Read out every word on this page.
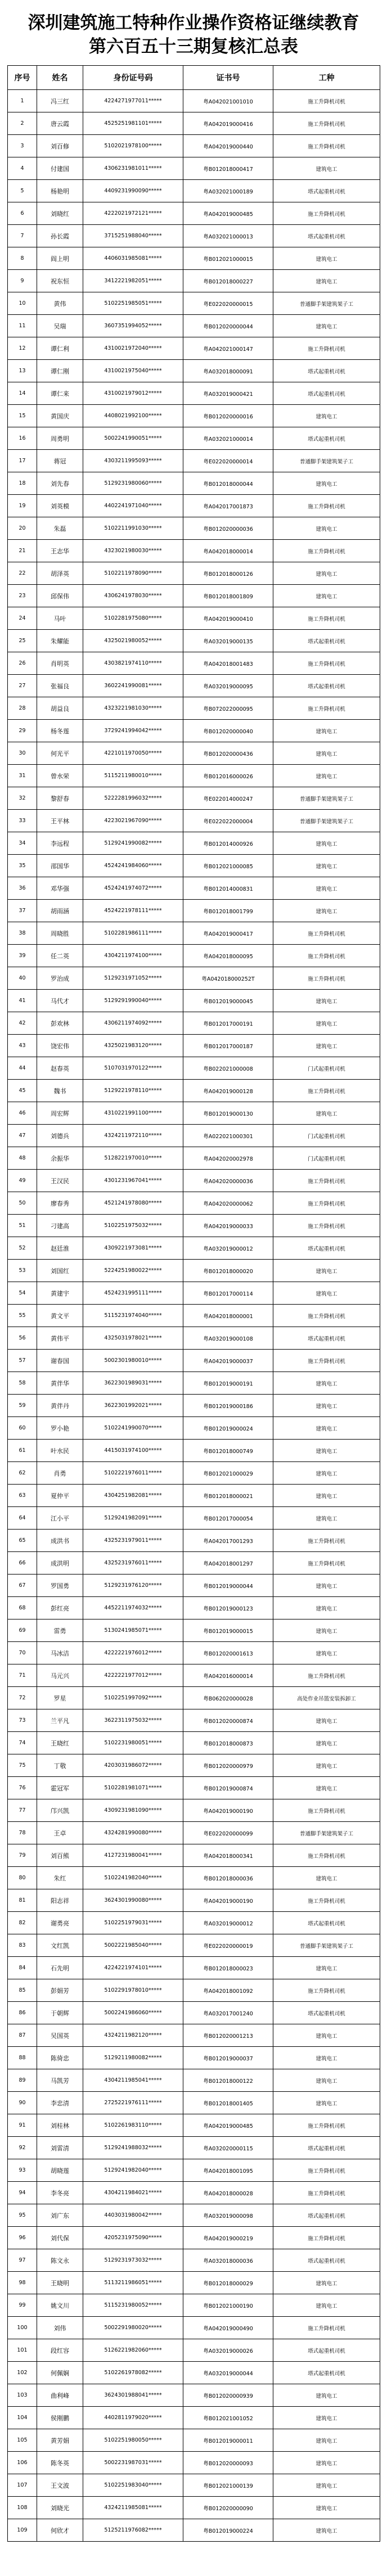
深圳建筑施工特种作业操作资格证继续教育
第六百五十三期复核汇总表
序号	姓名	身份证号码	证书号	工种
1	冯三红	4224271977011*****	粤A042021001010	施工升降机司机
2	唐云霞	4525251981101*****	粤A042019000416	施工升降机司机
3	刘百修	5102021978100*****	粤A042019000440	施工升降机司机
4	付建国	4306231981011*****	粤B012018000417	建筑电工
5	杨艳明	4409231990090*****	粤A032021000189	塔式起重机司机
6	刘晓红	4222021972121*****	粤A042019000485	施工升降机司机
7	孙长霞	3715251988040*****	粤A032021000013	塔式起重机司机
8	阎上明	4406031985081*****	粤B012021000015	建筑电工
9	祝东恒	3412221982051*****	粤B012018000227	建筑电工
10	黄伟	5102251985051*****	粤E022020000015	普通脚手架建筑架子工
11	吴瑞	3607351994052*****	粤B012020000044	建筑电工
12	谭仁利	4310021972040*****	粤A042021000147	施工升降机司机
13	谭仁刚	4310021975040*****	粤A032018000091	塔式起重机司机
14	谭仁来	4310021979012*****	粤A032019000421	塔式起重机司机
15	黄国庆	4408021992100*****	粤B012020000016	建筑电工
16	周勇明	5002241990051*****	粤A032021000014	塔式起重机司机
17	蒋冠	4303211995093*****	粤E022020000014	普通脚手架建筑架子工
18	刘先春	5129231980060*****	粤B012018000044	建筑电工
19	刘英模	4402241971040*****	粤A042017001873	施工升降机司机
20	朱磊	5102211991030*****	粤B012020000036	建筑电工
21	王志华	4323021980030*****	粤A042018000014	施工升降机司机
22	胡泽英	5102211978090*****	粤B012018000126	建筑电工
23	邱保伟	4306241978030*****	粤B012018001809	建筑电工
24	马叶	5102281975080*****	粤A042019000410	施工升降机司机
25	朱耀能	4325021980052*****	粤A032019000135	塔式起重机司机
26	肖明英	4303821974110*****	粤A042018001483	施工升降机司机
27	张福良	3602241990081*****	粤A032019000095	塔式起重机司机
28	胡益良	4323221981030*****	粤B072022000095	施工升降机司机
29	杨冬莲	3729241994042*****	粤B012020000040	建筑电工
30	何光平	4221011970050*****	粤B012020000436	建筑电工
31	曾水荣	5115211980010*****	粤B012016000026	建筑电工
32	黎舒春	5222281996032*****	粤E022014000247	普通脚手架建筑架子工
33	王平林	4223021967090*****	粤E022022000004	普通脚手架建筑架子工
34	李远程	5129241990082*****	粤B012014000926	建筑电工
35	邵国华	4524241984060*****	粤B012021000085	建筑电工
36	邓华强	4524241974072*****	粤B012014000831	建筑电工
37	胡雨涵	4524221978111*****	粤B012018001799	建筑电工
38	周晓胜	5102281986111*****	粤A042019000417	施工升降机司机
39	任二英	4304211974100*****	粤A042018000095	施工升降机司机
40	罗治成	5129231971052*****	粤A042018000252T	施工升降机司机
41	马代才	5129291990040*****	粤B012019000045	建筑电工
42	彭欢林	4306211974092*****	粤B012017000191	建筑电工
43	饶宏伟	4325021983120*****	粤B012017000187	建筑电工
44	赵春英	5107031970122*****	粤B022021000008	门式起重机司机
45	魏书	5129221978110*****	粤A042019000128	施工升降机司机
46	周宏辉	4310221991100*****	粤B012019000130	建筑电工
47	刘德兵	4324211972110*****	粤A022021000301	门式起重机司机
48	余振华	5128221970010*****	粤A042020002978	门式起重机司机
49	王汉民	4301231967041*****	粤A042020000036	施工升降机司机
50	廖春秀	4521241978080*****	粤A042020000062	施工升降机司机
51	刁建高	5102251975032*****	粤A042019000033	施工升降机司机
52	赵廷淮	4309221973081*****	粤A032019000012	塔式起重机司机
53	刘国红	5224251980022*****	粤B012018000020	建筑电工
54	黄建宇	4524231995111*****	粤B012017000114	建筑电工
55	黄文平	5115231974040*****	粤A042018000001	施工升降机司机
56	黄伟平	4325031978021*****	粤A032019000108	塔式起重机司机
57	谢春国	5002301980010*****	粤A042019000037	施工升降机司机
58	黄伴华	3622301989031*****	粤B012019000191	建筑电工
59	黄伴丹	3622301992021*****	粤B012019000186	建筑电工
60	罗小艳	5102241990070*****	粤B012019000024	建筑电工
61	叶水民	4415031974100*****	粤B012018000749	建筑电工
62	肖勇	5102221976011*****	粤B012021000029	建筑电工
63	夏仲平	4304251982081*****	粤B012018000021	建筑电工
64	江小平	5129241982091*****	粤B012017000054	建筑电工
65	成洪书	4325231979011*****	粤A042017001293	施工升降机司机
66	成洪明	4325231976011*****	粤A042018001297	施工升降机司机
67	罗国勇	5129231976120*****	粤B012019000044	建筑电工
68	彭红亮	4452211974032*****	粤B012019000123	建筑电工
69	雷勇	5130241985071*****	粤B012019000015	建筑电工
70	马冰洁	4222221976012*****	粤B012020001613	建筑电工
71	马元兴	4222221977012*****	粤A042016000014	施工升降机司机
72	罗星	5102251997092*****	粤B062020000028	高处作业吊篮安装拆卸工
73	兰平凡	3622311975032*****	粤B012020000874	建筑电工
74	王晓红	5102231980051*****	粤B012018000873	建筑电工
75	丁敬	4203031986072*****	粤B012020000979	建筑电工
76	霍冠军	5102281981071*****	粤B012019000874	建筑电工
77	邝兴凯	4309231981090*****	粤A042019000190	施工升降机司机
78	王卓	4324281990080*****	粤E022020000099	普通脚手架建筑架子工
79	刘百熊	4127231980041*****	粤A042018000341	施工升降机司机
80	朱红	5102241982040*****	粤B012018000036	建筑电工
81	阳志祥	3624301990080*****	粤A042019000190	施工升降机司机
82	谢勇亮	5102251979031*****	粤A032019000012	塔式起重机司机
83	文红凯	5002221985040*****	粤E022020000019	普通脚手架建筑架子工
84	石先明	4224221974101*****	粤B012018000023	建筑电工
85	彭娟芳	5102291978010*****	粤A042018001092	施工升降机司机
86	于朝辉	5002241986060*****	粤A032017001240	塔式起重机司机
87	吴国英	4324211982120*****	粤B012020001213	建筑电工
88	陈倚忠	5129211980082*****	粤B012019000037	建筑电工
89	马凯芳	4304211985041*****	粤B012018000122	建筑电工
90	李忠清	2725221976111*****	粤B012018001405	建筑电工
91	刘桂林	5102261983110*****	粤A042019000485	施工升降机司机
92	刘雷清	5129241988032*****	粤A032020000115	塔式起重机司机
93	胡晓莲	5129241982040*****	粤A042018001095	施工升降机司机
94	李冬亮	4304211984021*****	粤A042018000028	施工升降机司机
95	刘广东	4403031980042*****	粤A032019000098	塔式起重机司机
96	刘代保	4205231975090*****	粤A042019000219	施工升降机司机
97	陈文永	5129231973032*****	粤A032018000036	塔式起重机司机
98	王晓明	5113211986051*****	粤B012018000029	建筑电工
99	姚文川	5115231980052*****	粤B012021000190	建筑电工
100	刘伟	5002291980020*****	粤A042019000490	施工升降机司机
101	段红容	5126221982060*****	粤A032019000026	塔式起重机司机
102	何佩娴	5102261978082*****	粤A032019000044	塔式起重机司机
103	曲利峰	3624301988041*****	粤B012020000939	建筑电工
104	侯刚鹏	4402811979020*****	粤B012021001052	建筑电工
105	黄芳娟	5102251980050*****	粤B012019000011	建筑电工
106	陈冬英	5002231987031*****	粤B012020000093	建筑电工
107	王文波	5102251983040*****	粤B012021000139	建筑电工
108	刘晓光	4324211985081*****	粤B012020000090	建筑电工
109	何欣才	5125211976082*****	粤B012019000224	建筑电工
